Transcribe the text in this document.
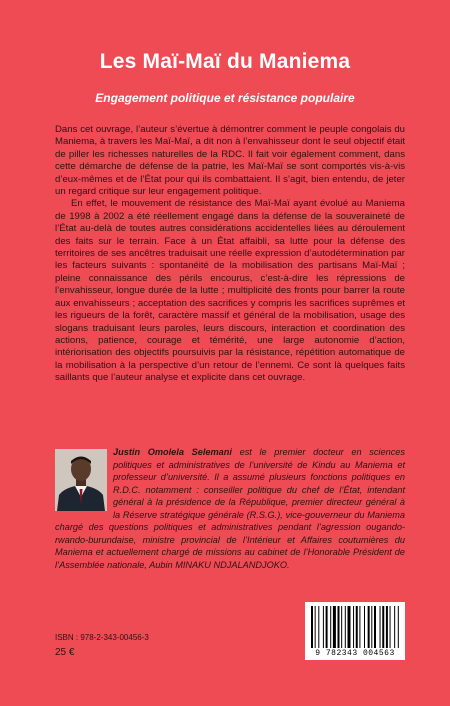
Les Maï-Maï du Maniema
Engagement politique et résistance populaire

Dans cet ouvrage, l’auteur s’évertue à démontrer comment le peuple congolais du Maniema, à travers les Maï-Maï, a dit non à l’envahisseur dont le seul objectif était de piller les richesses naturelles de la RDC. Il fait voir également comment, dans cette démarche de défense de la patrie, les Maï-Maï se sont comportés vis-à-vis d’eux-mêmes et de l’État pour qui ils combattaient. Il s’agit, bien entendu, de jeter un regard critique sur leur engagement politique.

En effet, le mouvement de résistance des Maï-Maï ayant évolué au Maniema de 1998 à 2002 a été réellement engagé dans la défense de la souveraineté de l’État au-delà de toutes autres considérations accidentelles liées au déroulement des faits sur le terrain. Face à un État affaibli, sa lutte pour la défense des territoires de ses ancêtres traduisait une réelle expression d’autodétermination par les facteurs suivants : spontanéité de la mobilisation des partisans Maï-Maï ; pleine connaissance des périls encourus, c’est-à-dire les répressions de l’envahisseur, longue durée de la lutte ; multiplicité des fronts pour barrer la route aux envahisseurs ; acceptation des sacrifices y compris les sacrifices suprêmes et les rigueurs de la forêt, caractère massif et général de la mobilisation, usage des slogans traduisant leurs paroles, leurs discours, interaction et coordination des actions, patience, courage et témérité, une large autonomie d’action, intériorisation des objectifs poursuivis par la résistance, répétition automatique de la mobilisation à la perspective d’un retour de l’ennemi. Ce sont là quelques faits saillants que l’auteur analyse et explicite dans cet ouvrage.

Justin Omolela Selemani est le premier docteur en sciences politiques et administratives de l’université de Kindu au Maniema et professeur d’université. Il a assumé plusieurs fonctions politiques en R.D.C. notamment : conseiller politique du chef de l’État, intendant général à la présidence de la République, premier directeur général à la Réserve stratégique générale (R.S.G.), vice-gouverneur du Maniema chargé des questions politiques et administratives pendant l’agression ougando-rwando-burundaise, ministre provincial de l’Intérieur et Affaires coutumières du Maniema et actuellement chargé de missions au cabinet de l’Honorable Président de l’Assemblée nationale, Aubin MINAKU NDJALANDJOKO.
ISBN : 978-2-343-00456-3
25 €	9 782343 004563
